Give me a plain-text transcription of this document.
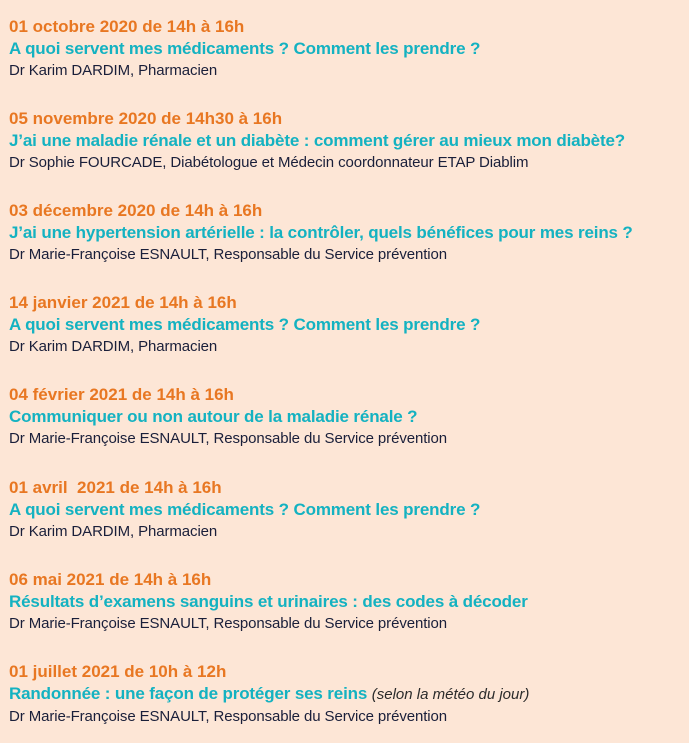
01 octobre 2020 de 14h à 16h
A quoi servent mes médicaments ? Comment les prendre ?
Dr Karim DARDIM, Pharmacien
05 novembre 2020 de 14h30 à 16h
J’ai une maladie rénale et un diabète : comment gérer au mieux mon diabète?
Dr Sophie FOURCADE, Diabétologue et Médecin coordonnateur ETAP Diablim
03 décembre 2020 de 14h à 16h
J’ai une hypertension artérielle : la contrôler, quels bénéfices pour mes reins ?
Dr Marie-Françoise ESNAULT, Responsable du Service prévention
14 janvier 2021 de 14h à 16h
A quoi servent mes médicaments ? Comment les prendre ?
Dr Karim DARDIM, Pharmacien
04 février 2021 de 14h à 16h
Communiquer ou non autour de la maladie rénale ?
Dr Marie-Françoise ESNAULT, Responsable du Service prévention
01 avril  2021 de 14h à 16h
A quoi servent mes médicaments ? Comment les prendre ?
Dr Karim DARDIM, Pharmacien
06 mai 2021 de 14h à 16h
Résultats d’examens sanguins et urinaires : des codes à décoder
Dr Marie-Françoise ESNAULT, Responsable du Service prévention
01 juillet 2021 de 10h à 12h
Randonnée : une façon de protéger ses reins (selon la météo du jour)
Dr Marie-Françoise ESNAULT, Responsable du Service prévention
